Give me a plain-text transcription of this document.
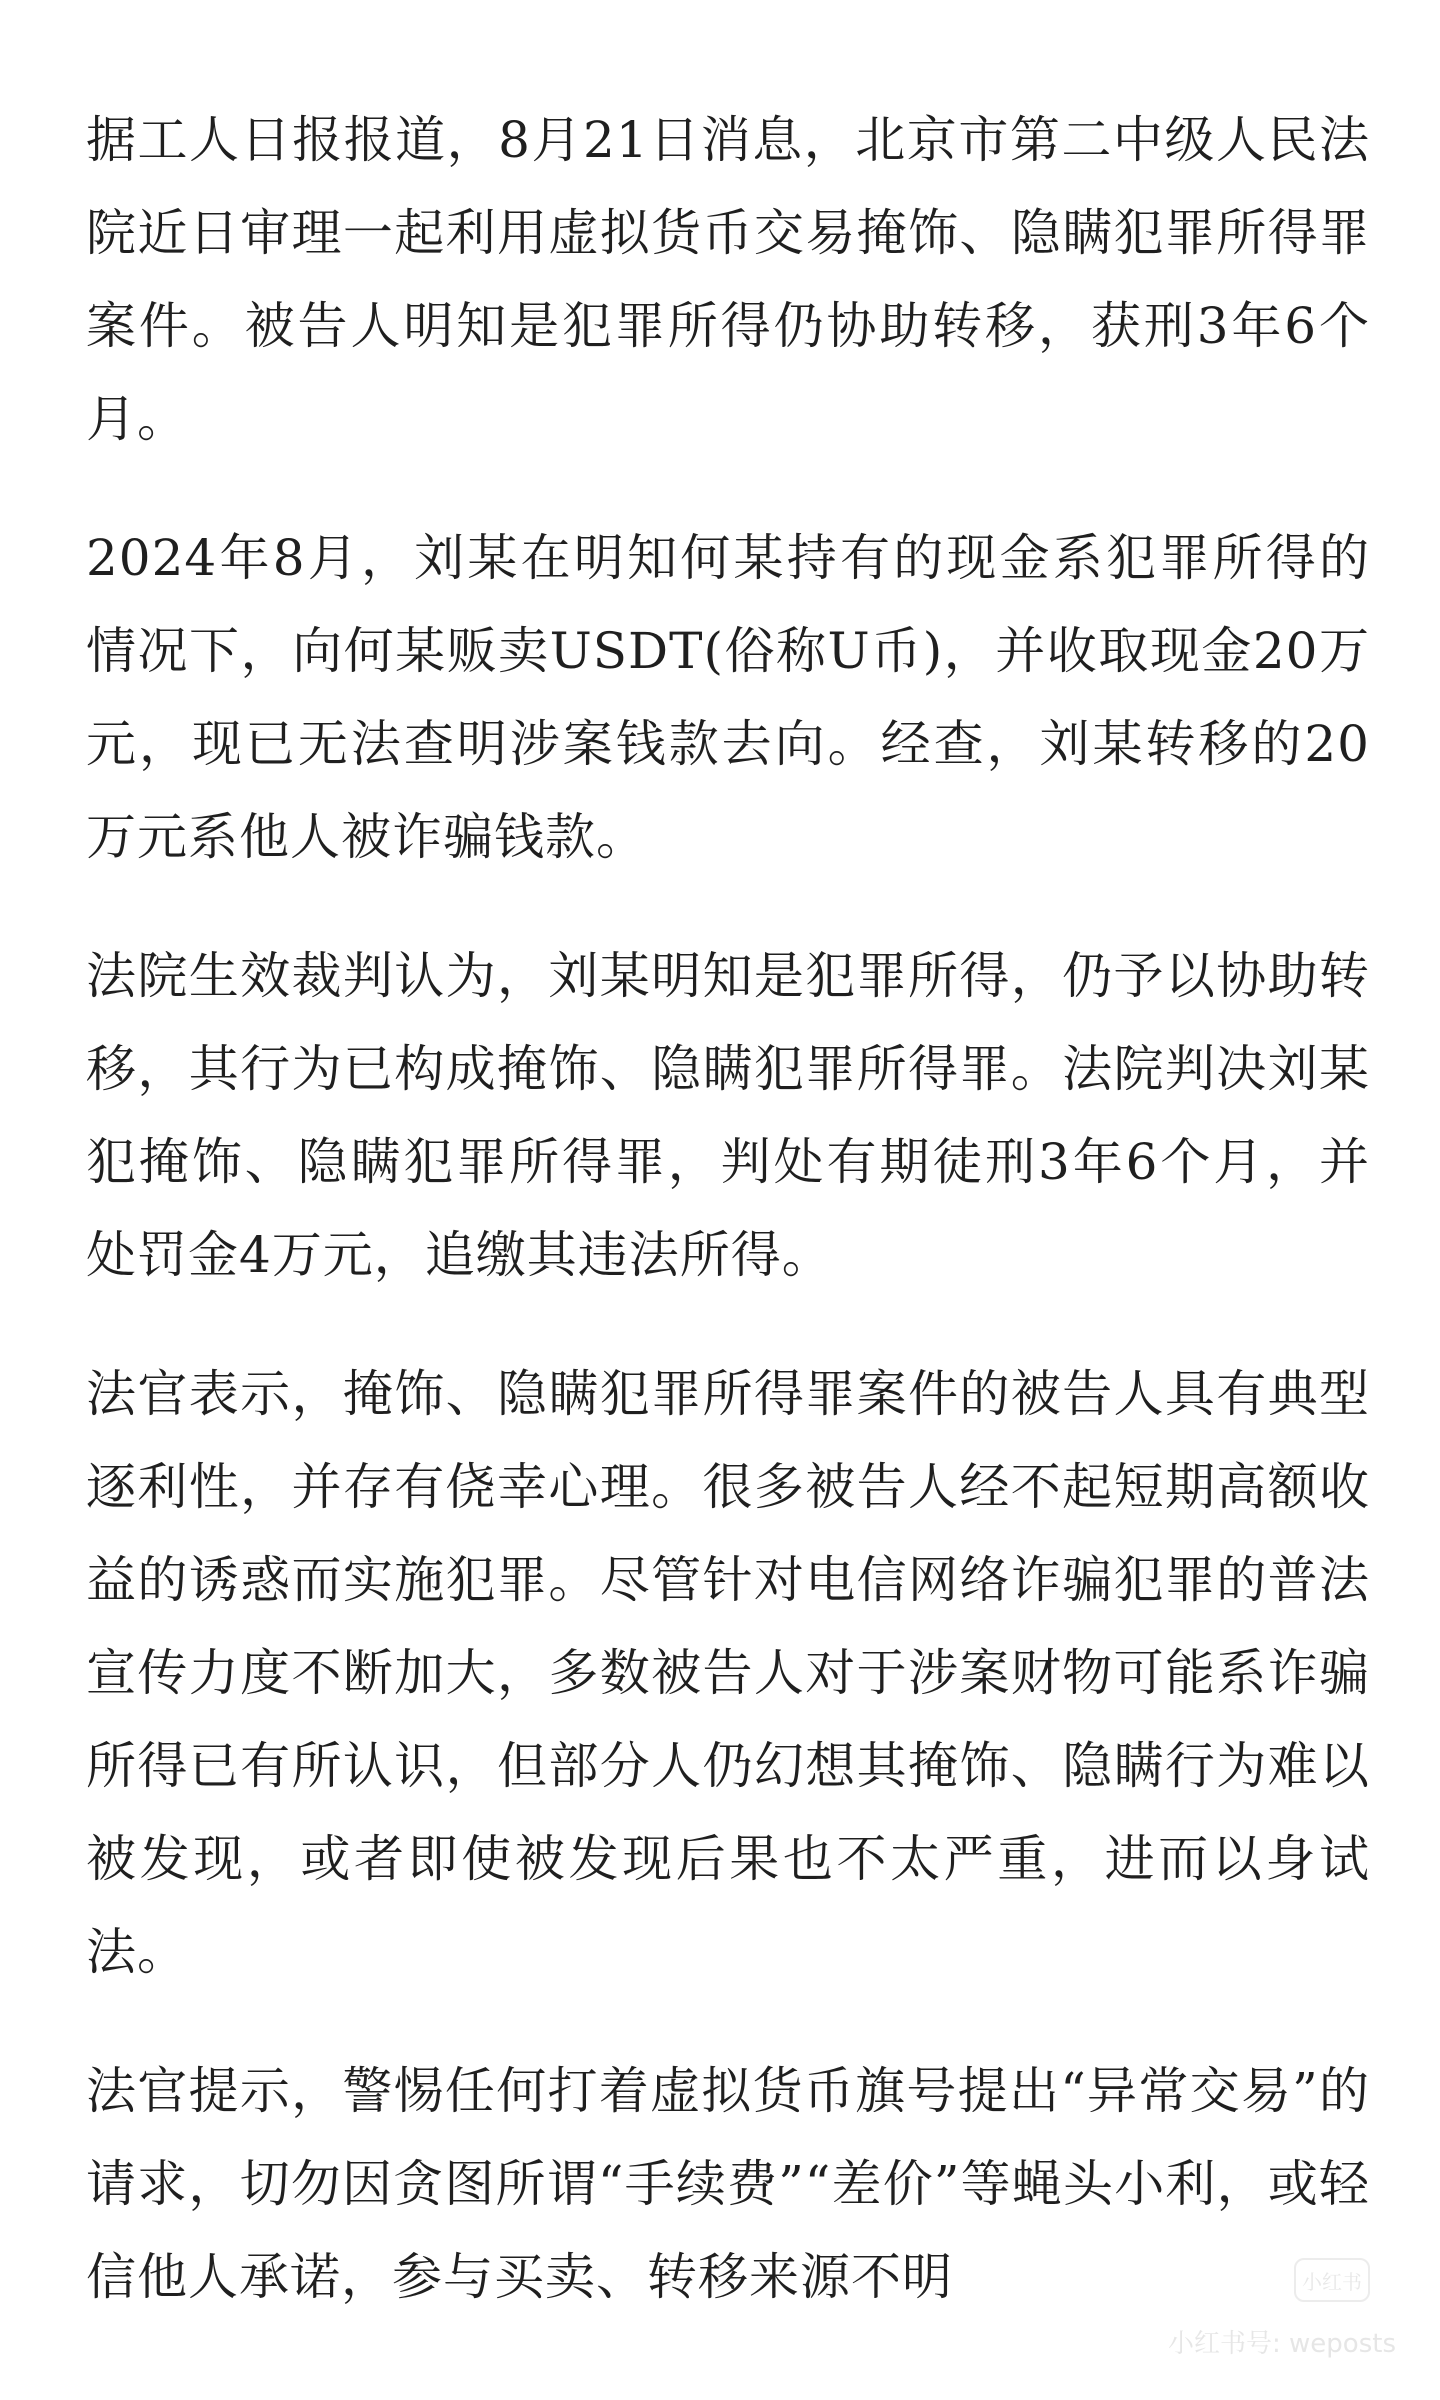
据工人日报报道，8月21日消息，北京市第二中级人民法院近日审理一起利用虚拟货币交易掩饰、隐瞒犯罪所得罪案件。被告人明知是犯罪所得仍协助转移，获刑3年6个月。

2024年8月，刘某在明知何某持有的现金系犯罪所得的情况下，向何某贩卖USDT(俗称U币)，并收取现金20万元，现已无法查明涉案钱款去向。经查，刘某转移的20万元系他人被诈骗钱款。

法院生效裁判认为，刘某明知是犯罪所得，仍予以协助转移，其行为已构成掩饰、隐瞒犯罪所得罪。法院判决刘某犯掩饰、隐瞒犯罪所得罪，判处有期徒刑3年6个月，并处罚金4万元，追缴其违法所得。

法官表示，掩饰、隐瞒犯罪所得罪案件的被告人具有典型逐利性，并存有侥幸心理。很多被告人经不起短期高额收益的诱惑而实施犯罪。尽管针对电信网络诈骗犯罪的普法宣传力度不断加大，多数被告人对于涉案财物可能系诈骗所得已有所认识，但部分人仍幻想其掩饰、隐瞒行为难以被发现，或者即使被发现后果也不太严重，进而以身试法。

法官提示，警惕任何打着虚拟货币旗号提出“异常交易”的请求，切勿因贪图所谓“手续费”“差价”等蝇头小利，或轻信他人承诺，参与买卖、转移来源不明	小红书
小红书号: weposts
